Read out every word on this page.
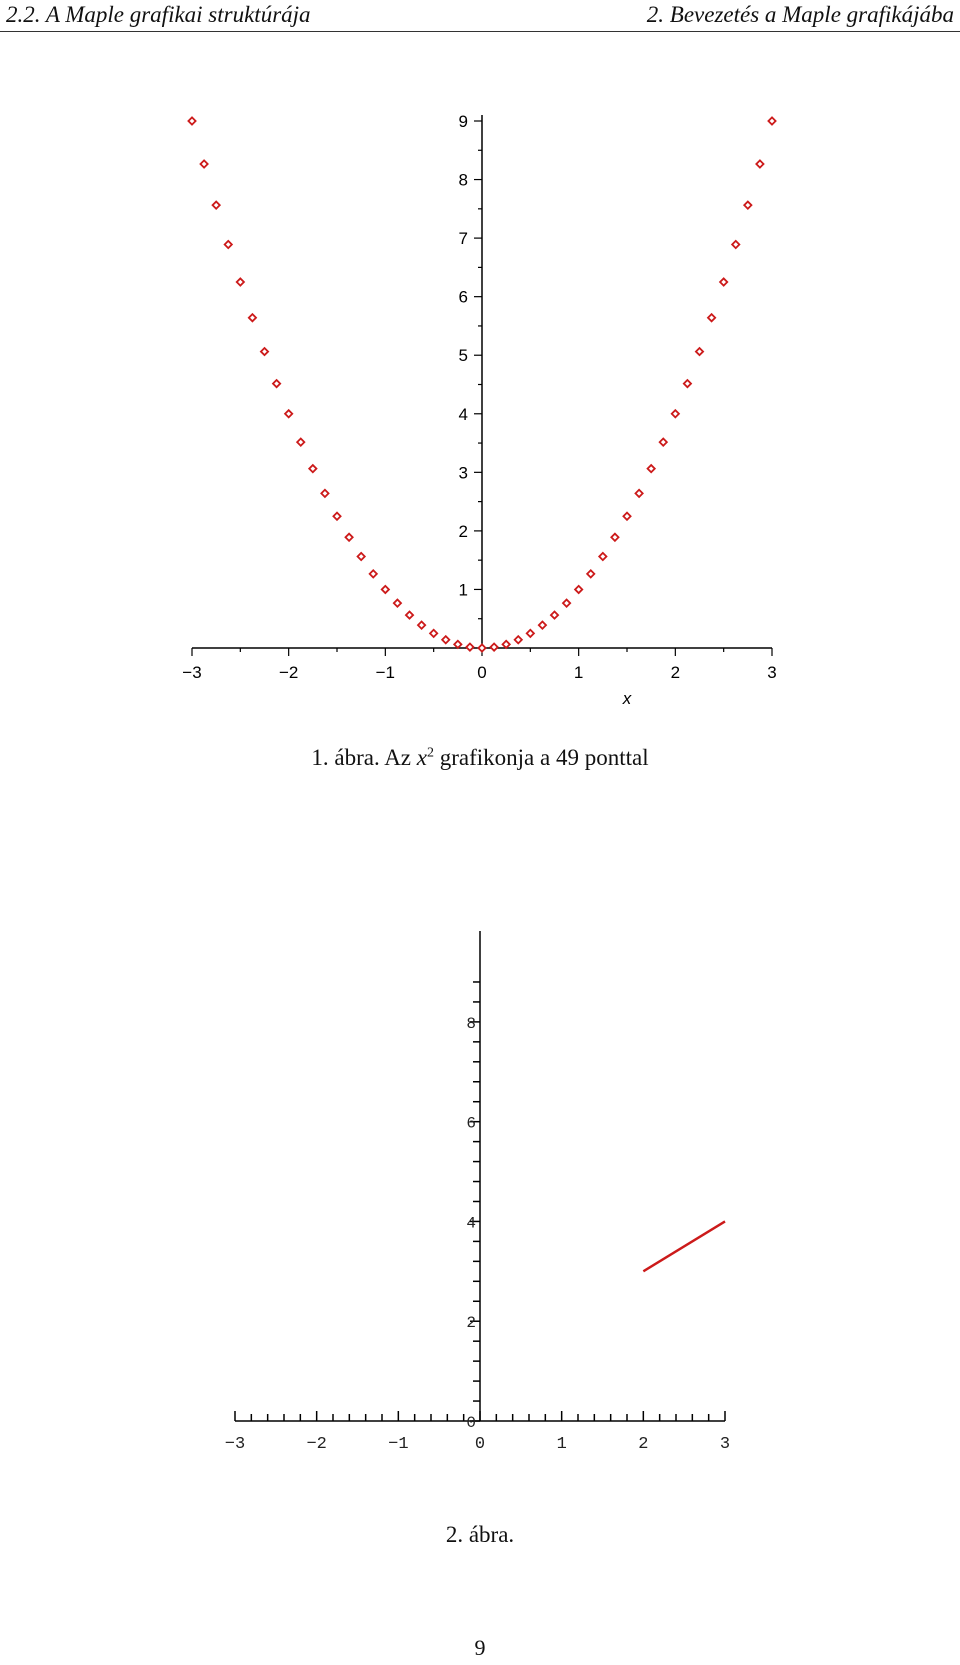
2.2. A Maple grafikai struktúrája	2. Bevezetés a Maple grafikájába
−3	−2	−1	0	1	2	3
1
2
3
4
5
6
7
8
9
x
1. ábra. Az $x^2$ grafikonja a 49 ponttal
−3	−2	−1	0	1	2	3
0
2
4
6
8
2. ábra.
9
